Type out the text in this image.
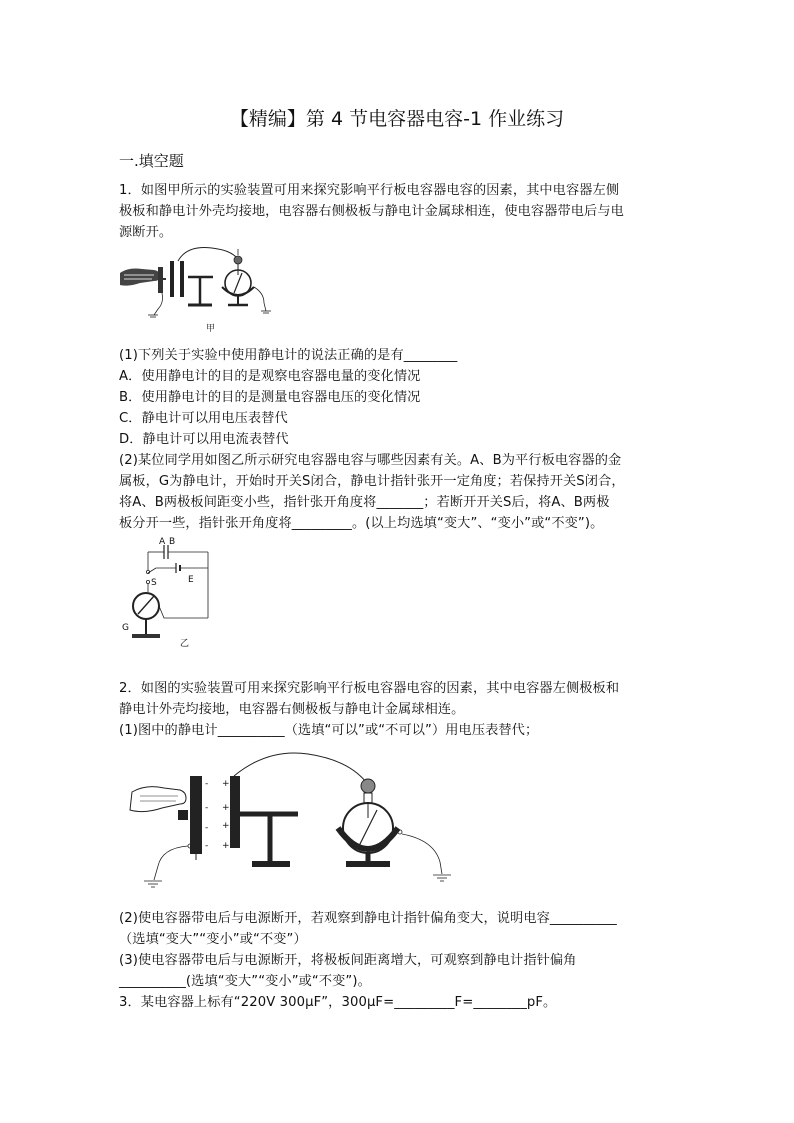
【精编】第 4 节电容器电容-1 作业练习
一.填空题
1．如图甲所示的实验装置可用来探究影响平行板电容器电容的因素，其中电容器左侧
极板和静电计外壳均接地，电容器右侧极板与静电计金属球相连，使电容器带电后与电
源断开。
甲
(1)下列关于实验中使用静电计的说法正确的是有________
A．使用静电计的目的是观察电容器电量的变化情况
B．使用静电计的目的是测量电容器电压的变化情况
C．静电计可以用电压表替代
D．静电计可以用电流表替代
(2)某位同学用如图乙所示研究电容器电容与哪些因素有关。A、B为平行板电容器的金
属板，G为静电计，开始时开关S闭合，静电计指针张开一定角度；若保持开关S闭合，
将A、B两极板间距变小些，指针张开角度将_______；若断开开关S后，将A、B两极
板分开一些，指针张开角度将_________。(以上均选填“变大”、“变小”或“不变”)。
A B
S	E
G
乙
2．如图的实验装置可用来探究影响平行板电容器电容的因素，其中电容器左侧极板和
静电计外壳均接地，电容器右侧极板与静电计金属球相连。
(1)图中的静电计__________（选填“可以”或“不可以”）用电压表替代；
-
-
-
-
+
+
+
+
(2)使电容器带电后与电源断开，若观察到静电计指针偏角变大，说明电容__________
（选填“变大”“变小”或“不变”）
(3)使电容器带电后与电源断开，将极板间距离增大，可观察到静电计指针偏角
__________(选填“变大”“变小”或“不变”)。
3．某电容器上标有“220V 300μF”，300μF=_________F=________pF。
